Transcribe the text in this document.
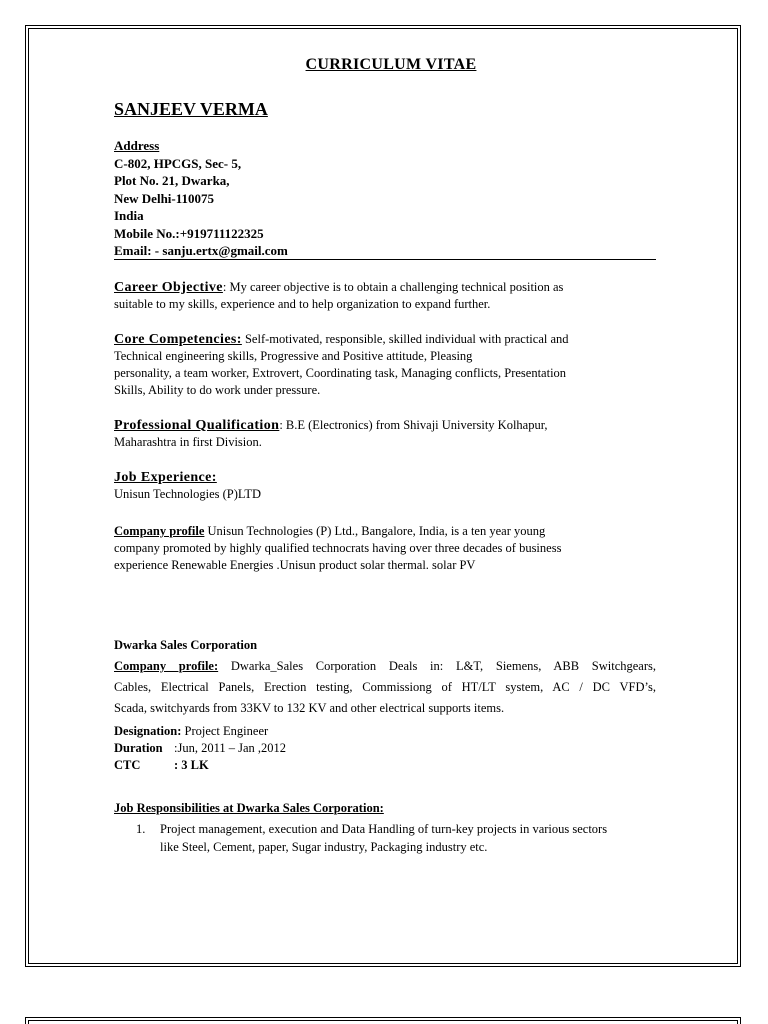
CURRICULUM VITAE
SANJEEV VERMA
Address
C-802, HPCGS, Sec- 5,
Plot No. 21, Dwarka,
New Delhi-110075
India
Mobile No.:+919711122325
Email: - sanju.ertx@gmail.com
Career Objective: My career objective is to obtain a challenging technical position as
suitable to my skills, experience and to help organization to expand further.
Core Competencies: Self-motivated, responsible, skilled individual with practical and
Technical engineering skills, Progressive and Positive attitude, Pleasing
personality, a team worker, Extrovert, Coordinating task, Managing conflicts, Presentation
Skills, Ability to do work under pressure.
Professional Qualification: B.E (Electronics) from Shivaji University Kolhapur,
Maharashtra in first Division.
Job Experience:
Unisun Technologies (P)LTD
Company profile Unisun Technologies (P) Ltd., Bangalore, India, is a ten year young
company promoted by highly qualified technocrats having over three decades of business
experience Renewable Energies .Unisun product solar thermal. solar PV
Dwarka Sales Corporation
Company profile: Dwarka_Sales Corporation Deals in: L&T, Siemens, ABB Switchgears,
Cables, Electrical Panels, Erection testing, Commissiong of HT/LT system, AC / DC VFD’s,
Scada, switchyards from 33KV to 132 KV and other electrical supports items.
Designation: Project Engineer
Duration :Jun, 2011 – Jan ,2012
CTC	: 3 LK
Job Responsibilities at Dwarka Sales Corporation:
1. Project management, execution and Data Handling of turn-key projects in various sectors
like Steel, Cement, paper, Sugar industry, Packaging industry etc.
